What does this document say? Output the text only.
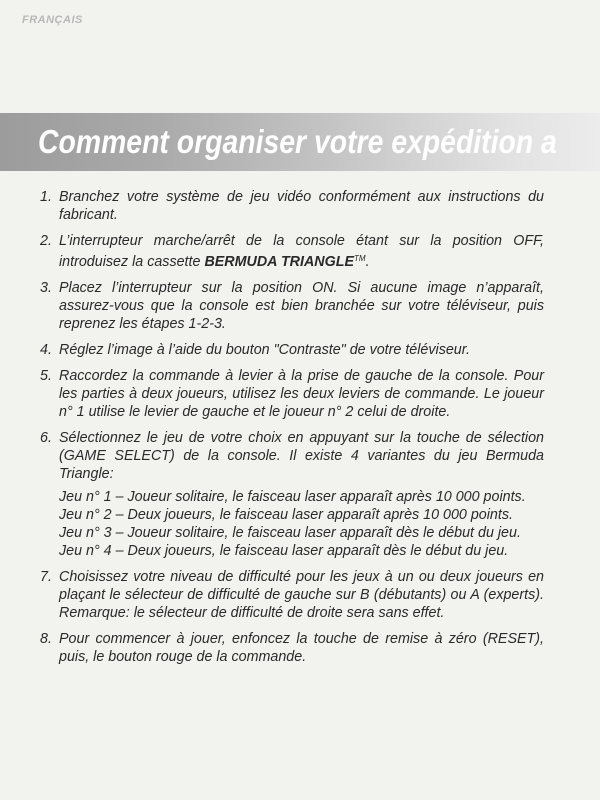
FRANÇAIS
Comment organiser votre expédition a
1. Branchez votre système de jeu vidéo conformément aux instructions du fabricant.
2. L’interrupteur marche/arrêt de la console étant sur la position OFF, introduisez la cassette BERMUDA TRIANGLE™.
3. Placez l’interrupteur sur la position ON. Si aucune image n’apparaît, assurez-vous que la console est bien branchée sur votre téléviseur, puis reprenez les étapes 1-2-3.
4. Réglez l’image à l’aide du bouton "Contraste" de votre téléviseur.
5. Raccordez la commande à levier à la prise de gauche de la console. Pour les parties à deux joueurs, utilisez les deux leviers de commande. Le joueur n° 1 utilise le levier de gauche et le joueur n° 2 celui de droite.
6. Sélectionnez le jeu de votre choix en appuyant sur la touche de sélection (GAME SELECT) de la console. Il existe 4 variantes du jeu Bermuda Triangle:
Jeu n° 1 – Joueur solitaire, le faisceau laser apparaît après 10 000 points.
Jeu n° 2 – Deux joueurs, le faisceau laser apparaît après 10 000 points.
Jeu n° 3 – Joueur solitaire, le faisceau laser apparaît dès le début du jeu.
Jeu n° 4 – Deux joueurs, le faisceau laser apparaît dès le début du jeu.
7. Choisissez votre niveau de difficulté pour les jeux à un ou deux joueurs en plaçant le sélecteur de difficulté de gauche sur B (débutants) ou A (experts). Remarque: le sélecteur de difficulté de droite sera sans effet.
8. Pour commencer à jouer, enfoncez la touche de remise à zéro (RESET), puis, le bouton rouge de la commande.
